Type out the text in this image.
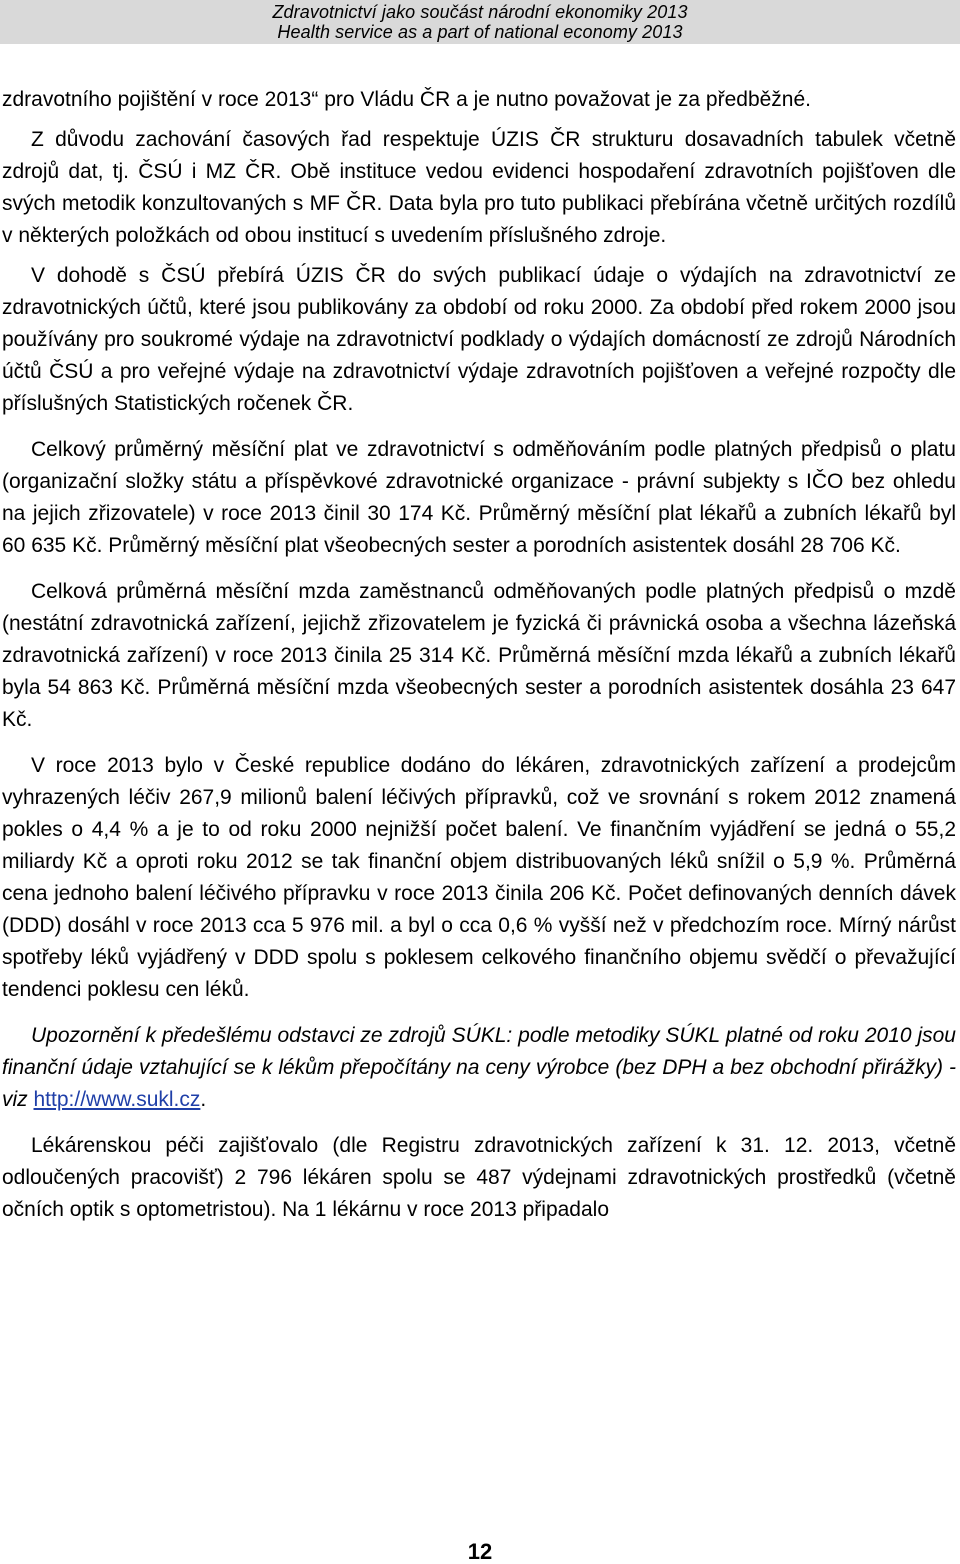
Zdravotnictví jako součást národní ekonomiky 2013
Health service as a part of national economy 2013

zdravotního pojištění v roce 2013“ pro Vládu ČR a je nutno považovat je za předběžné.

Z důvodu zachování časových řad respektuje ÚZIS ČR strukturu dosavadních tabulek včetně zdrojů dat, tj. ČSÚ i MZ ČR. Obě instituce vedou evidenci hospodaření zdravotních pojišťoven dle svých metodik konzultovaných s MF ČR. Data byla pro tuto publikaci přebírána včetně určitých rozdílů v některých položkách od obou institucí s uvedením příslušného zdroje.

V dohodě s ČSÚ přebírá ÚZIS ČR do svých publikací údaje o výdajích na zdravotnictví ze zdravotnických účtů, které jsou publikovány za období od roku 2000. Za období před rokem 2000 jsou používány pro soukromé výdaje na zdravotnictví podklady o výdajích domácností ze zdrojů Národních účtů ČSÚ a pro veřejné výdaje na zdravotnictví výdaje zdravotních pojišťoven a veřejné rozpočty dle příslušných Statistických ročenek ČR.

Celkový průměrný měsíční plat ve zdravotnictví s odměňováním podle platných předpisů o platu (organizační složky státu a příspěvkové zdravotnické organizace - právní subjekty s IČO bez ohledu na jejich zřizovatele) v roce 2013 činil 30 174 Kč. Průměrný měsíční plat lékařů a zubních lékařů byl 60 635 Kč. Průměrný měsíční plat všeobecných sester a porodních asistentek dosáhl 28 706 Kč.

Celková průměrná měsíční mzda zaměstnanců odměňovaných podle platných předpisů o mzdě (nestátní zdravotnická zařízení, jejichž zřizovatelem je fyzická či právnická osoba a všechna lázeňská zdravotnická zařízení) v roce 2013 činila 25 314 Kč. Průměrná měsíční mzda lékařů a zubních lékařů byla 54 863 Kč. Průměrná měsíční mzda všeobecných sester a porodních asistentek dosáhla 23 647 Kč.

V roce 2013 bylo v České republice dodáno do lékáren, zdravotnických zařízení a prodejcům vyhrazených léčiv 267,9 milionů balení léčivých přípravků, což ve srovnání s rokem 2012 znamená pokles o 4,4 % a je to od roku 2000 nejnižší počet balení. Ve finančním vyjádření se jedná o 55,2 miliardy Kč a oproti roku 2012 se tak finanční objem distribuovaných léků snížil o 5,9 %. Průměrná cena jednoho balení léčivého přípravku v roce 2013 činila 206 Kč. Počet definovaných denních dávek (DDD) dosáhl v roce 2013 cca 5 976 mil. a byl o cca 0,6 % vyšší než v předchozím roce. Mírný nárůst spotřeby léků vyjádřený v DDD spolu s poklesem celkového finančního objemu svědčí o převažující tendenci poklesu cen léků.

Upozornění k předešlému odstavci ze zdrojů SÚKL: podle metodiky SÚKL platné od roku 2010 jsou finanční údaje vztahující se k lékům přepočítány na ceny výrobce (bez DPH a bez obchodní přirážky) - viz http://www.sukl.cz.

Lékárenskou péči zajišťovalo (dle Registru zdravotnických zařízení k 31. 12. 2013, včetně odloučených pracovišť) 2 796 lékáren spolu se 487 výdejnami zdravotnických prostředků (včetně očních optik s optometristou). Na 1 lékárnu v roce 2013 připadalo

12
